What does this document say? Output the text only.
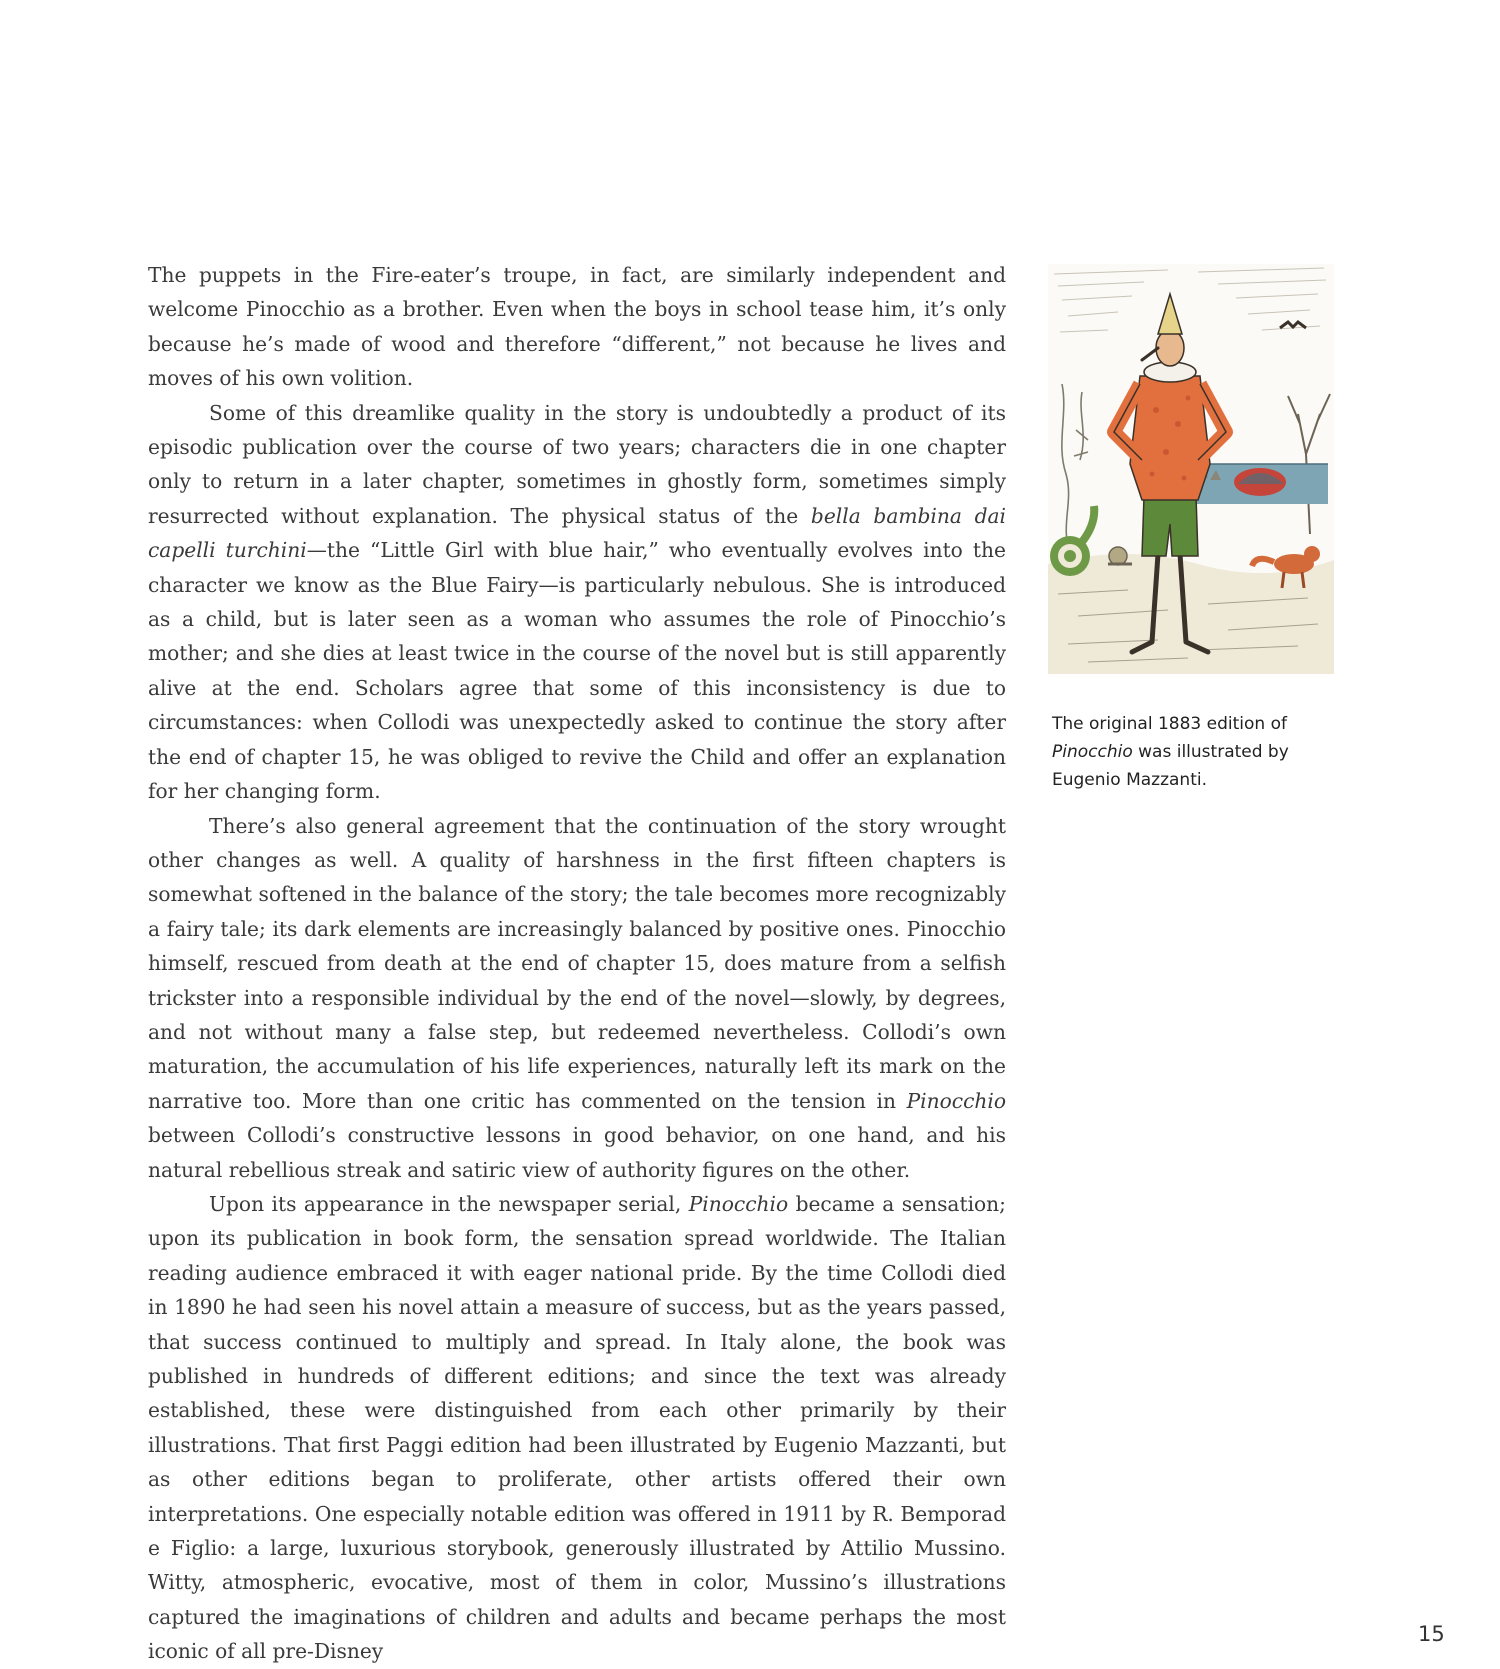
The puppets in the Fire-eater’s troupe, in fact, are similarly independent and welcome Pinocchio as a brother. Even when the boys in school tease him, it’s only because he’s made of wood and therefore “different,” not because he lives and moves of his own volition.

Some of this dreamlike quality in the story is undoubtedly a product of its episodic publication over the course of two years; characters die in one chapter only to return in a later chapter, sometimes in ghostly form, sometimes simply resurrected without explanation. The physical status of the bella bambina dai capelli turchini—the “Little Girl with blue hair,” who eventually evolves into the character we know as the Blue Fairy—is particularly nebulous. She is introduced as a child, but is later seen as a woman who assumes the role of Pinocchio’s mother; and she dies at least twice in the course of the novel but is still apparently alive at the end. Scholars agree that some of this inconsistency is due to circumstances: when Collodi was unexpectedly asked to continue the story after the end of chapter 15, he was obliged to revive the Child and offer an explanation for her changing form.

There’s also general agreement that the continuation of the story wrought other changes as well. A quality of harshness in the first fifteen chapters is somewhat softened in the balance of the story; the tale becomes more recognizably a fairy tale; its dark elements are increasingly balanced by positive ones. Pinocchio himself, rescued from death at the end of chapter 15, does mature from a selfish trickster into a responsible individual by the end of the novel—slowly, by degrees, and not without many a false step, but redeemed nevertheless. Collodi’s own maturation, the accumulation of his life experiences, naturally left its mark on the narrative too. More than one critic has commented on the tension in Pinocchio between Collodi’s constructive lessons in good behavior, on one hand, and his natural rebellious streak and satiric view of authority figures on the other.

Upon its appearance in the newspaper serial, Pinocchio became a sensation; upon its publication in book form, the sensation spread worldwide. The Italian reading audience embraced it with eager national pride. By the time Collodi died in 1890 he had seen his novel attain a measure of success, but as the years passed, that success continued to multiply and spread. In Italy alone, the book was published in hundreds of different editions; and since the text was already established, these were distinguished from each other primarily by their illustrations. That first Paggi edition had been illustrated by Eugenio Mazzanti, but as other editions began to proliferate, other artists offered their own interpretations. One especially notable edition was offered in 1911 by R. Bemporad e Figlio: a large, luxurious storybook, generously illustrated by Attilio Mussino. Witty, atmospheric, evocative, most of them in color, Mussino’s illustrations captured the imaginations of children and adults and became perhaps the most iconic of all pre-Disney

The original 1883 edition of Pinocchio was illustrated by Eugenio Mazzanti.
15
